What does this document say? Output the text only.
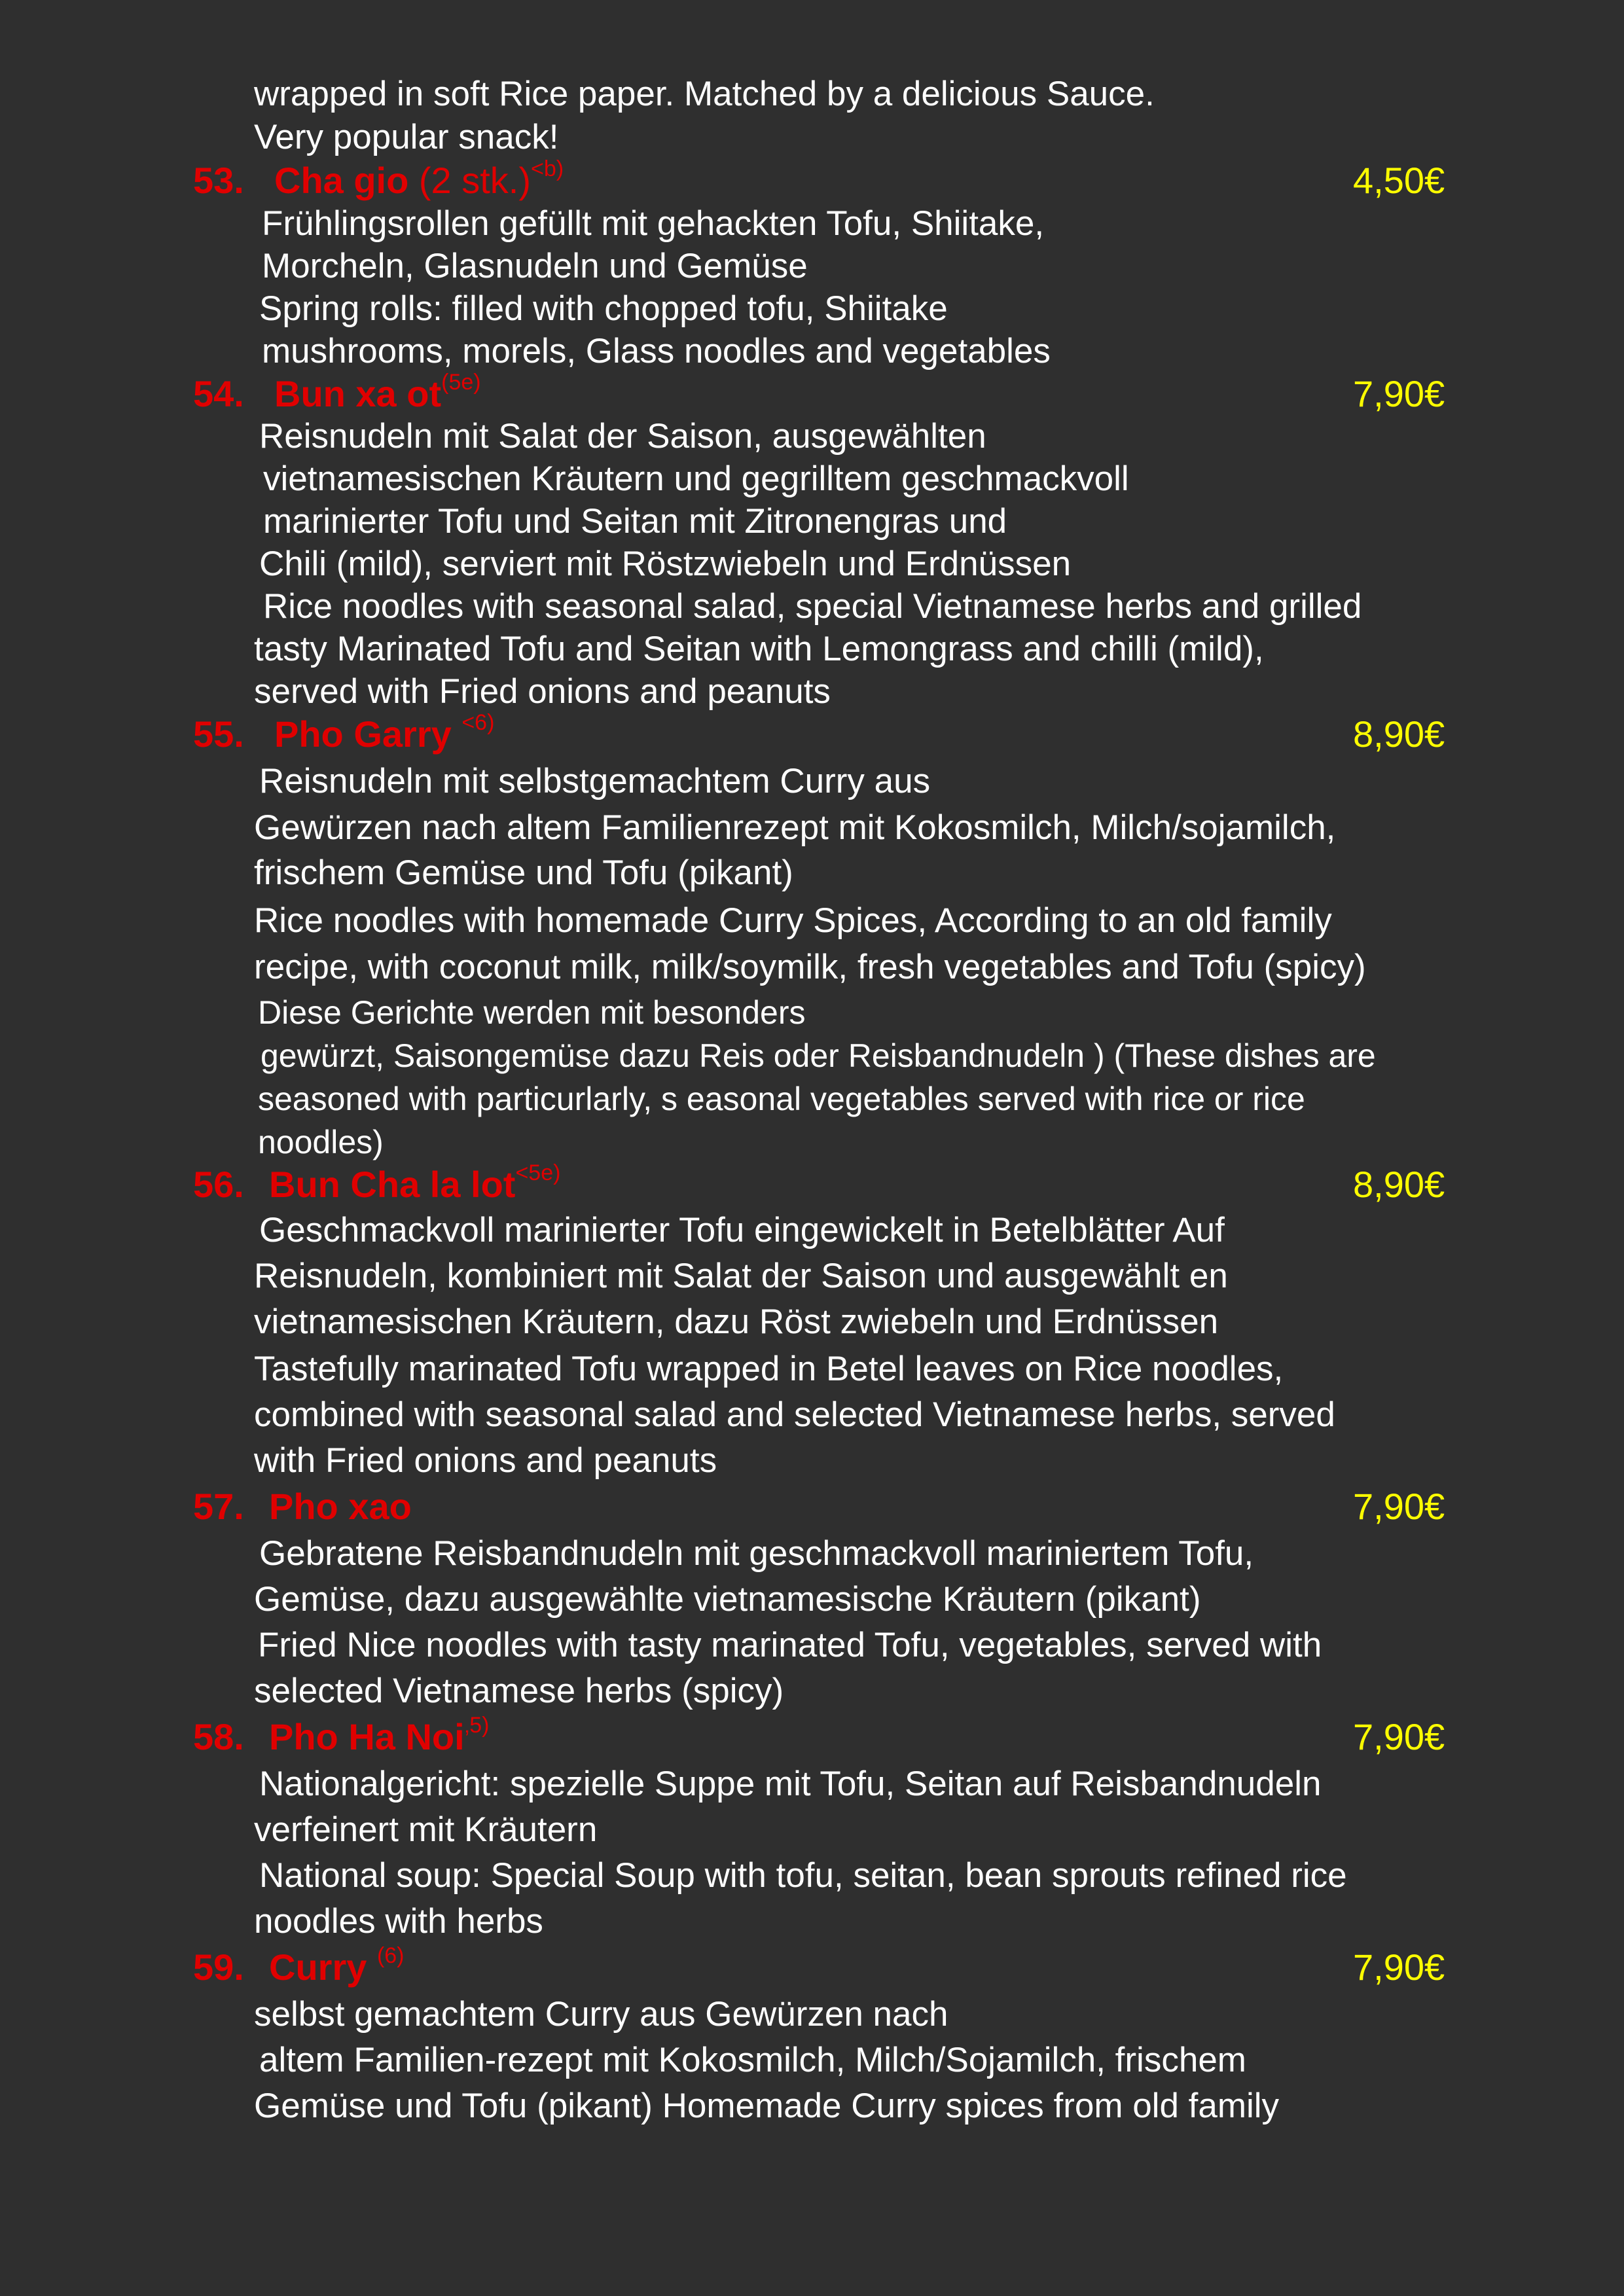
wrapped in soft Rice paper. Matched by a delicious Sauce.
Very popular snack!
53. Cha gio (2 stk.)$^{<b)}$	4,50€
Frühlingsrollen gefüllt mit gehackten Tofu, Shiitake,
Morcheln, Glasnudeln und Gemüse
Spring rolls: filled with chopped tofu, Shiitake
mushrooms, morels, Glass noodles and vegetables
54. Bun xa $ot^{(5e)}$	7,90€
Reisnudeln mit Salat der Saison, ausgewählten
vietnamesischen Kräutern und gegrilltem geschmackvoll
marinierter Tofu und Seitan mit Zitronengras und
Chili (mild), serviert mit Röstzwiebeln und Erdnüssen
Rice noodles with seasonal salad, special Vietnamese herbs and grilled
tasty Marinated Tofu and Seitan with Lemongrass and chilli (mild),
served with Fried onions and peanuts
55. Pho Garry $^{<6)}$	8,90€
Reisnudeln mit selbstgemachtem Curry aus
Gewürzen nach altem Familienrezept mit Kokosmilch, Milch/sojamilch,
frischem Gemüse und Tofu (pikant)
Rice noodles with homemade Curry Spices, According to an old family
recipe, with coconut milk, milk/soymilk, fresh vegetables and Tofu (spicy)
Diese Gerichte werden mit besonders
gewürzt, Saisongemüse dazu Reis oder Reisbandnudeln ) (These dishes are
seasoned with particurlarly, s easonal vegetables served with rice or rice
noodles)
56. Bun Cha la lot$^{<5e)}$	8,90€
Geschmackvoll marinierter Tofu eingewickelt in Betelblätter Auf
Reisnudeln, kombiniert mit Salat der Saison und ausgewählt en
vietnamesischen Kräutern, dazu Röst zwiebeln und Erdnüssen
Tastefully marinated Tofu wrapped in Betel leaves on Rice noodles,
combined with seasonal salad and selected Vietnamese herbs, served
with Fried onions and peanuts
57. Pho xao	7,90€
Gebratene Reisbandnudeln mit geschmackvoll mariniertem Tofu,
Gemüse, dazu ausgewählte vietnamesische Kräutern (pikant)
Fried Nice noodles with tasty marinated Tofu, vegetables, served with
selected Vietnamese herbs (spicy)
58. Pho Ha Noi$^{‚5)}$	7,90€
Nationalgericht: spezielle Suppe mit Tofu, Seitan auf Reisbandnudeln
verfeinert mit Kräutern
National soup: Special Soup with tofu, seitan, bean sprouts refined rice
noodles with herbs
59. Curry $^{(6)}$	7,90€
selbst gemachtem Curry aus Gewürzen nach
altem Familien-rezept mit Kokosmilch, Milch/Sojamilch, frischem
Gemüse und Tofu (pikant) Homemade Curry spices from old family
